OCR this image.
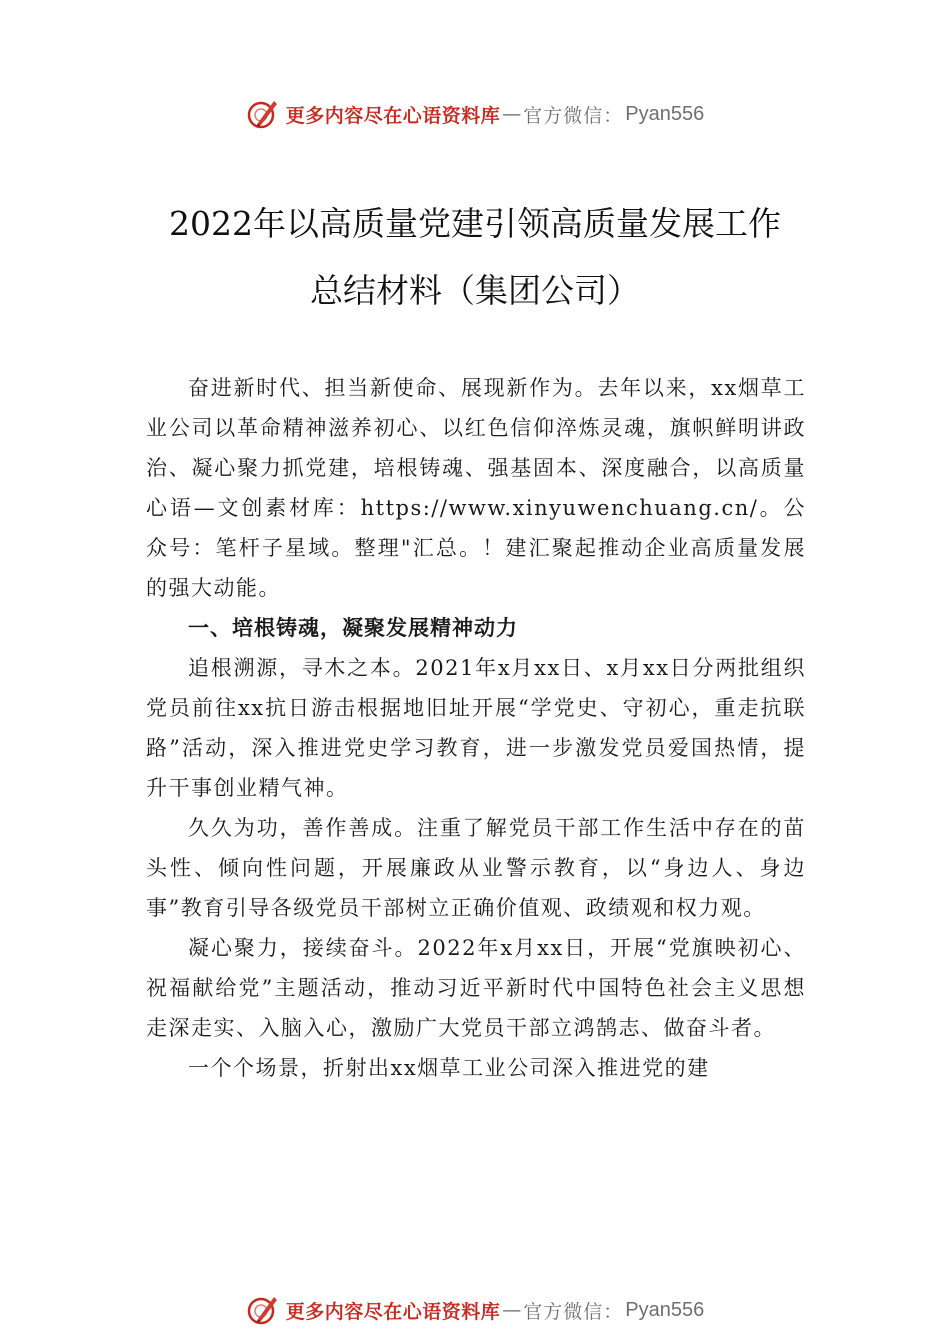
更多内容尽在心语资料库 — 官方微信： Pyan556
2022年以高质量党建引领高质量发展工作
总结材料（集团公司）

奋进新时代、担当新使命、展现新作为。去年以来，xx烟草工业公司以革命精神滋养初心、以红色信仰淬炼灵魂，旗帜鲜明讲政治、凝心聚力抓党建，培根铸魂、强基固本、深度融合，以高质量心语—文创素材库：https://www.xinyuwenchuang.cn/。公众号：笔杆子星域。整理"汇总。！建汇聚起推动企业高质量发展的强大动能。

一、培根铸魂，凝聚发展精神动力

追根溯源，寻木之本。2021年x月xx日、x月xx日分两批组织党员前往xx抗日游击根据地旧址开展“学党史、守初心，重走抗联路”活动，深入推进党史学习教育，进一步激发党员爱国热情，提升干事创业精气神。

久久为功，善作善成。注重了解党员干部工作生活中存在的苗头性、倾向性问题，开展廉政从业警示教育，以“身边人、身边事”教育引导各级党员干部树立正确价值观、政绩观和权力观。

凝心聚力，接续奋斗。2022年x月xx日，开展“党旗映初心、祝福献给党”主题活动，推动习近平新时代中国特色社会主义思想走深走实、入脑入心，激励广大党员干部立鸿鹄志、做奋斗者。

一个个场景，折射出xx烟草工业公司深入推进党的建

更多内容尽在心语资料库 — 官方微信： Pyan556
